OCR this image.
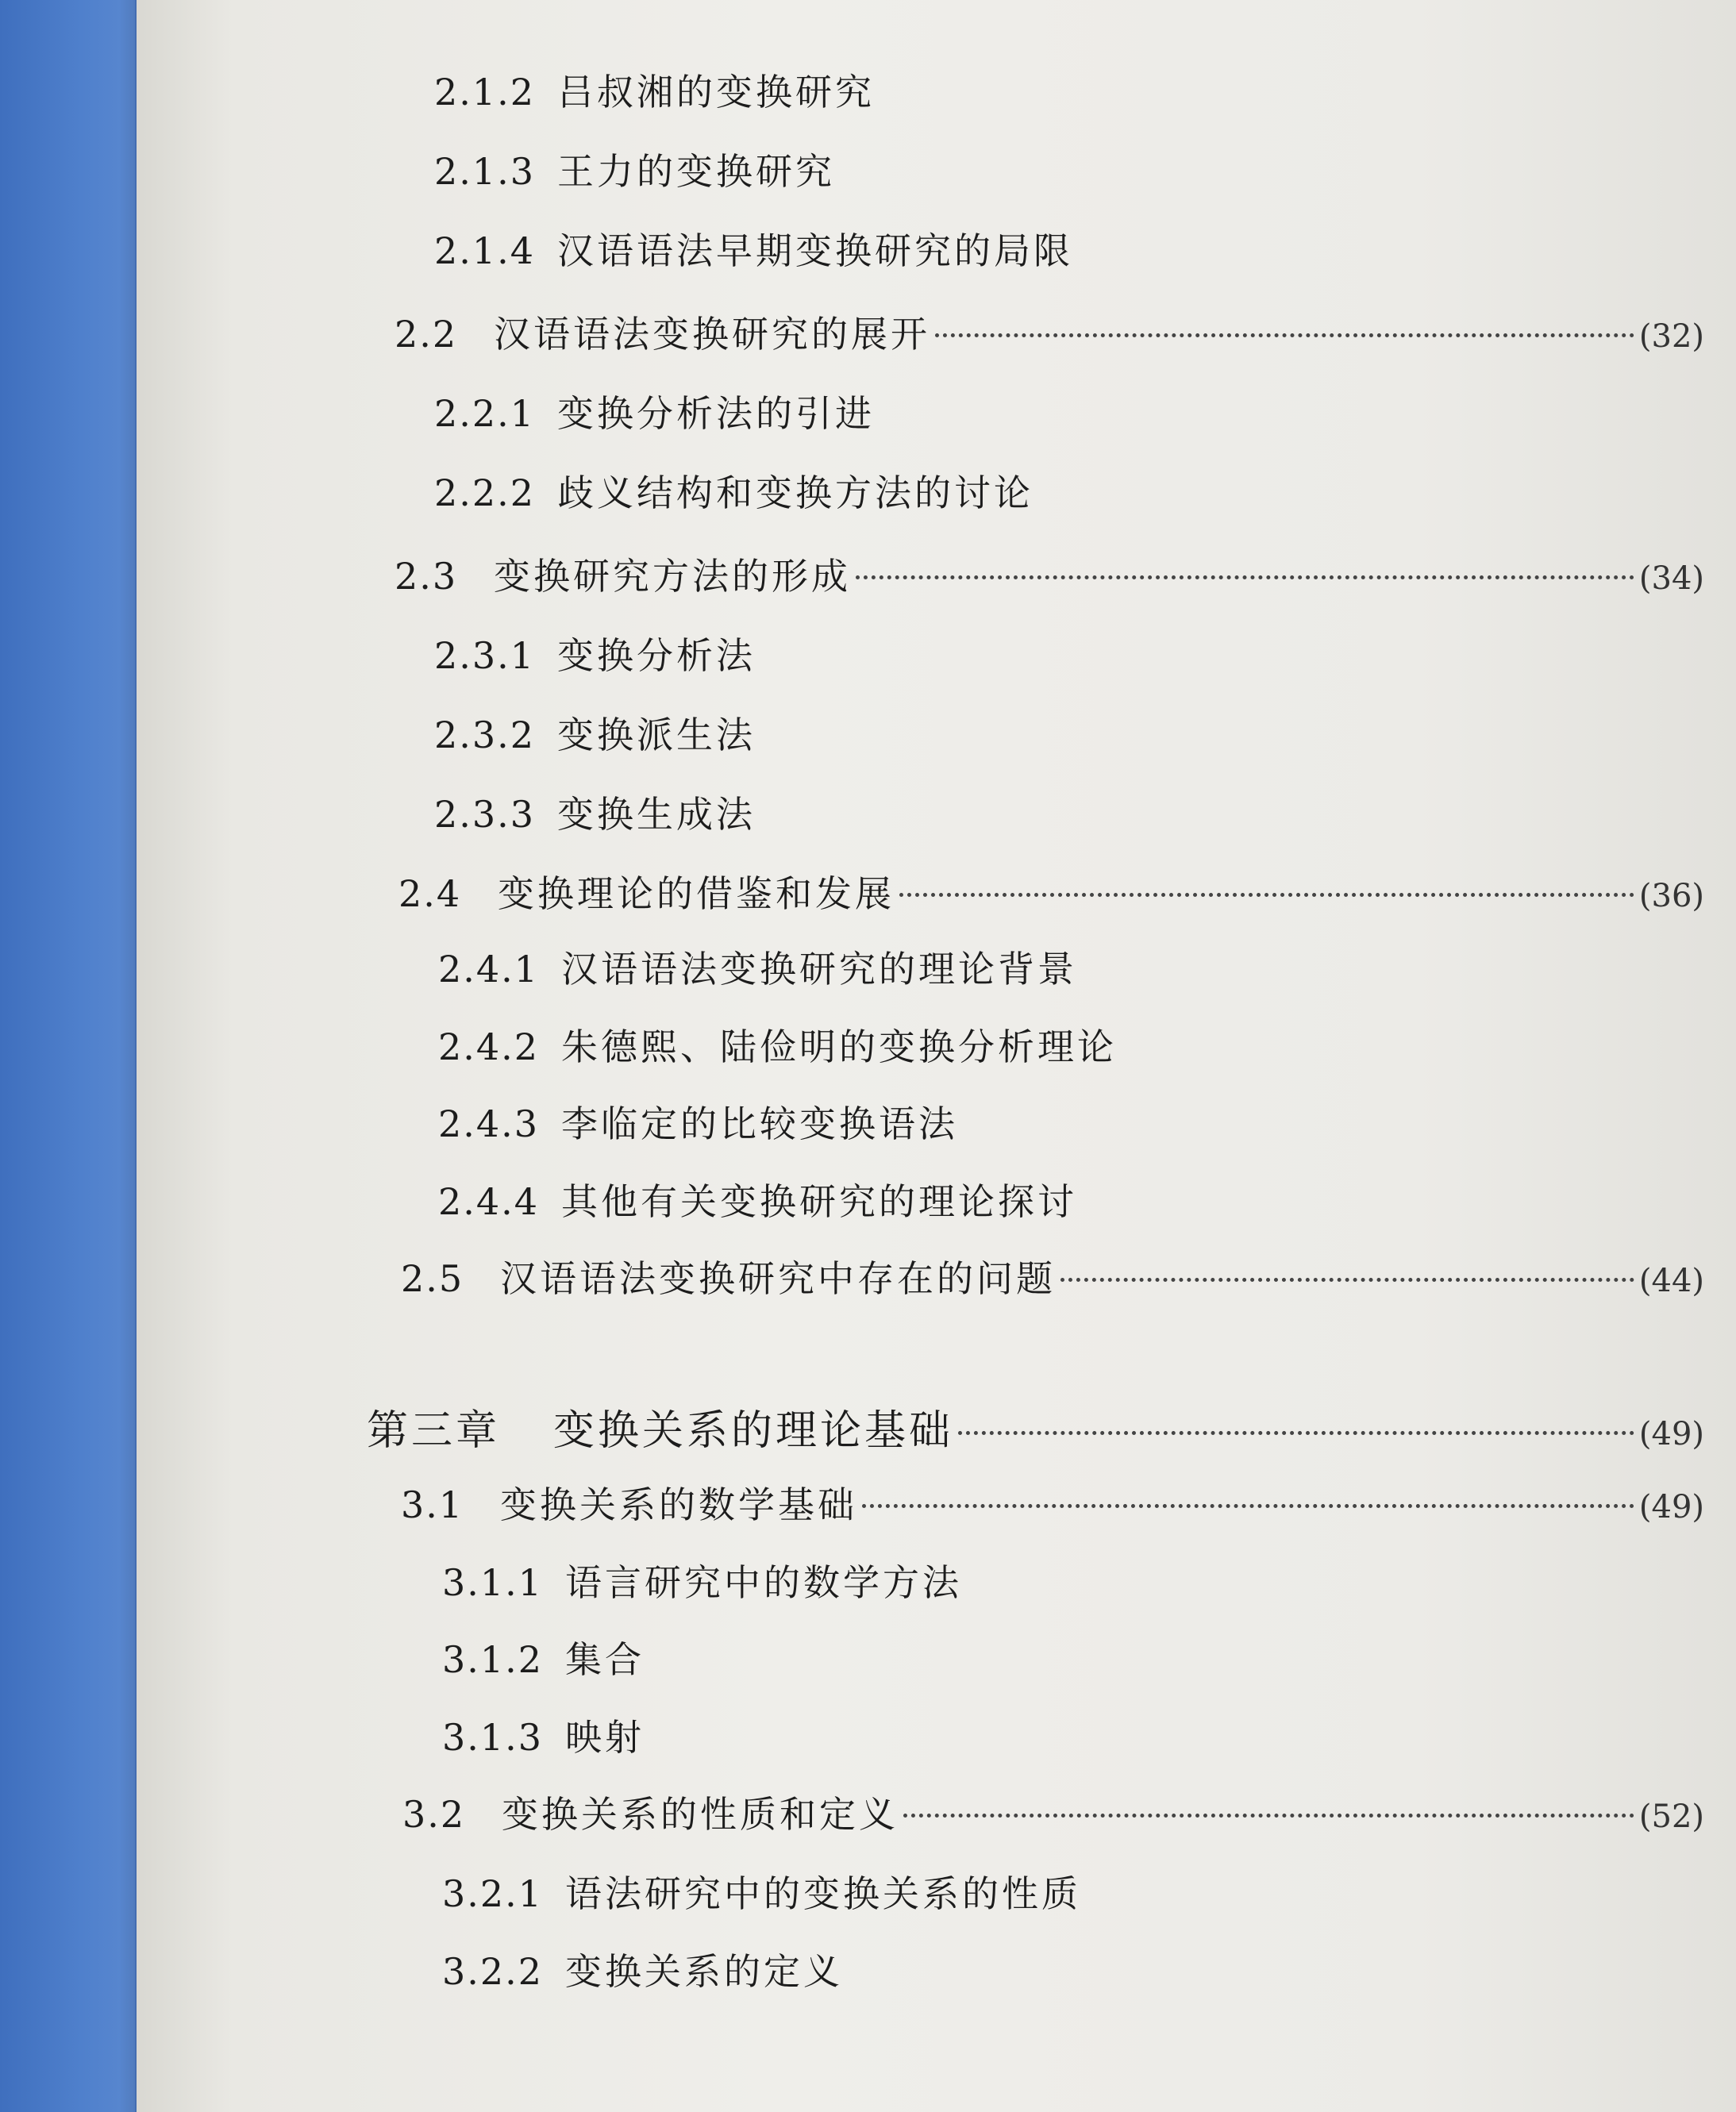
2.1.2 吕叔湘的变换研究
2.1.3 王力的变换研究
2.1.4 汉语语法早期变换研究的局限
2.2 汉语语法变换研究的展开	(32)
2.2.1 变换分析法的引进
2.2.2 歧义结构和变换方法的讨论
2.3 变换研究方法的形成	(34)
2.3.1 变换分析法
2.3.2 变换派生法
2.3.3 变换生成法
2.4 变换理论的借鉴和发展	(36)
2.4.1 汉语语法变换研究的理论背景
2.4.2 朱德熙、陆俭明的变换分析理论
2.4.3 李临定的比较变换语法
2.4.4 其他有关变换研究的理论探讨
2.5 汉语语法变换研究中存在的问题	(44)
第三章	变换关系的理论基础	(49)
3.1 变换关系的数学基础	(49)
3.1.1 语言研究中的数学方法
3.1.2 集合
3.1.3 映射
3.2 变换关系的性质和定义	(52)
3.2.1 语法研究中的变换关系的性质
3.2.2 变换关系的定义
